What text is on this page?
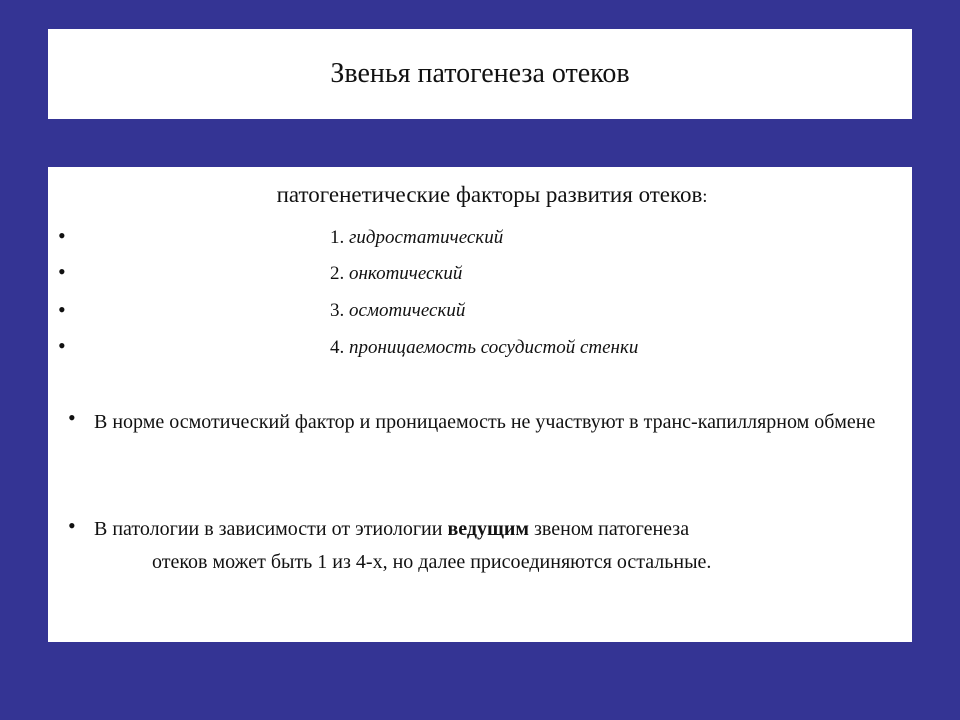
Звенья патогенеза отеков
патогенетические факторы развития отеков:
•	1. гидростатический
•	2. онкотический
•	3. осмотический
•	4. проницаемость сосудистой стенки
• В норме осмотический фактор и проницаемость не участвуют в транс-капиллярном обмене
• В патологии в зависимости от этиологии ведущим звеном патогенеза
отеков может быть 1 из 4-х, но далее присоединяются остальные.
